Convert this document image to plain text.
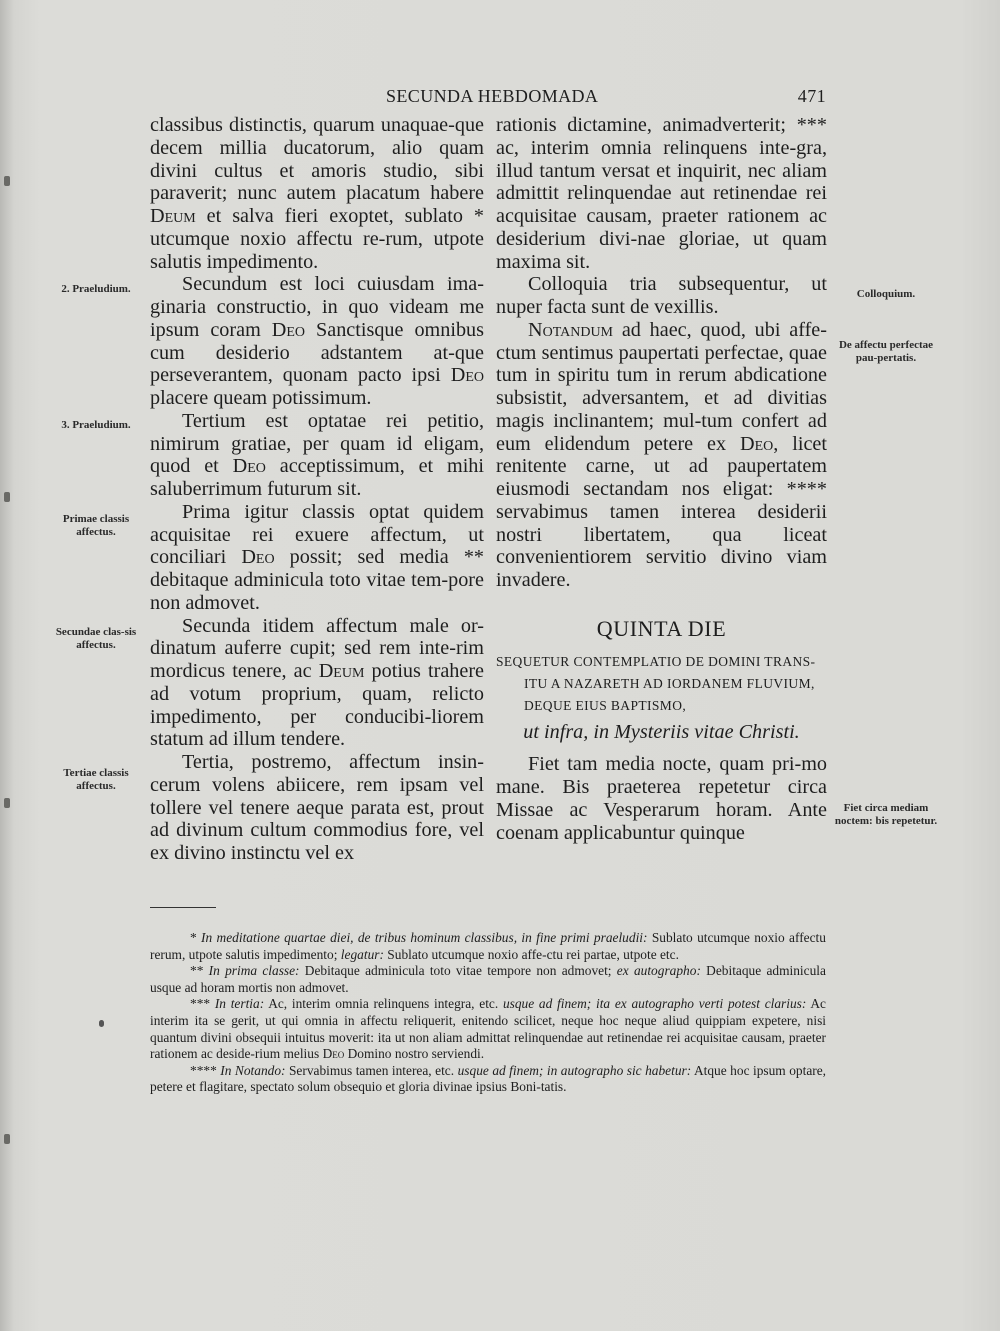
SECUNDA HEBDOMADA	471
2. Praeludium.
3. Praeludium.
Primae classis affectus.
Secundae clas-sis affectus.
Tertiae classis affectus.
Colloquium.
De affectu perfectae pau-pertatis.
Fiet circa mediam noctem: bis repetetur.

classibus distinctis, quarum unaquae-que decem millia ducatorum, alio quam divini cultus et amoris studio, sibi paraverit; nunc autem placatum habere Deum et salva fieri exoptet, sublato * utcumque noxio affectu re-rum, utpote salutis impedimento.

Secundum est loci cuiusdam ima-ginaria constructio, in quo videam me ipsum coram Deo Sanctisque omnibus cum desiderio adstantem at-que perseverantem, quonam pacto ipsi Deo placere queam potissimum.

Tertium est optatae rei petitio, nimirum gratiae, per quam id eligam, quod et Deo acceptissimum, et mihi saluberrimum futurum sit.

Prima igitur classis optat quidem acquisitae rei exuere affectum, ut conciliari Deo possit; sed media ** debitaque adminicula toto vitae tem-pore non admovet.

Secunda itidem affectum male or-dinatum auferre cupit; sed rem inte-rim mordicus tenere, ac Deum potius trahere ad votum proprium, quam, relicto impedimento, per conducibi-liorem statum ad illum tendere.

Tertia, postremo, affectum insin-cerum volens abiicere, rem ipsam vel tollere vel tenere aeque parata est, prout ad divinum cultum commodius fore, vel ex divino instinctu vel ex

rationis dictamine, animadverterit; *** ac, interim omnia relinquens inte-gra, illud tantum versat et inquirit, nec aliam admittit relinquendae aut retinendae rei acquisitae causam, praeter rationem ac desiderium divi-nae gloriae, ut quam maxima sit.

Colloquia tria subsequentur, ut nuper facta sunt de vexillis.

Notandum ad haec, quod, ubi affe-ctum sentimus paupertati perfectae, quae tum in spiritu tum in rerum abdicatione subsistit, adversantem, et ad divitias magis inclinantem; mul-tum confert ad eum elidendum petere ex Deo, licet renitente carne, ut ad paupertatem eiusmodi sectandam nos eligat: **** servabimus tamen interea desiderii nostri libertatem, qua liceat convenientiorem servitio divino viam invadere.

QUINTA DIE

SEQUETUR CONTEMPLATIO DE DOMINI TRANS-

ITU A NAZARETH AD IORDANEM FLUVIUM,

DEQUE EIUS BAPTISMO,

ut infra, in Mysteriis vitae Christi.

Fiet tam media nocte, quam pri-mo mane. Bis praeterea repetetur circa Missae ac Vesperarum horam. Ante coenam applicabuntur quinque

* In meditatione quartae diei, de tribus hominum classibus, in fine primi praeludii: Sublato utcumque noxio affectu rerum, utpote salutis impedimento; legatur: Sublato utcumque noxio affe-ctu rei partae, utpote etc.

** In prima classe: Debitaque adminicula toto vitae tempore non admovet; ex autographo: Debitaque adminicula usque ad horam mortis non admovet.

*** In tertia: Ac, interim omnia relinquens integra, etc. usque ad finem; ita ex autographo verti potest clarius: Ac interim ita se gerit, ut qui omnia in affectu reliquerit, enitendo scilicet, neque hoc neque aliud quippiam expetere, nisi quantum divini obsequii intuitus moverit: ita ut non aliam admittat relinquendae aut retinendae rei acquisitae causam, praeter rationem ac deside-rium melius Deo Domino nostro serviendi.

**** In Notando: Servabimus tamen interea, etc. usque ad finem; in autographo sic habetur: Atque hoc ipsum optare, petere et flagitare, spectato solum obsequio et gloria divinae ipsius Boni-tatis.
